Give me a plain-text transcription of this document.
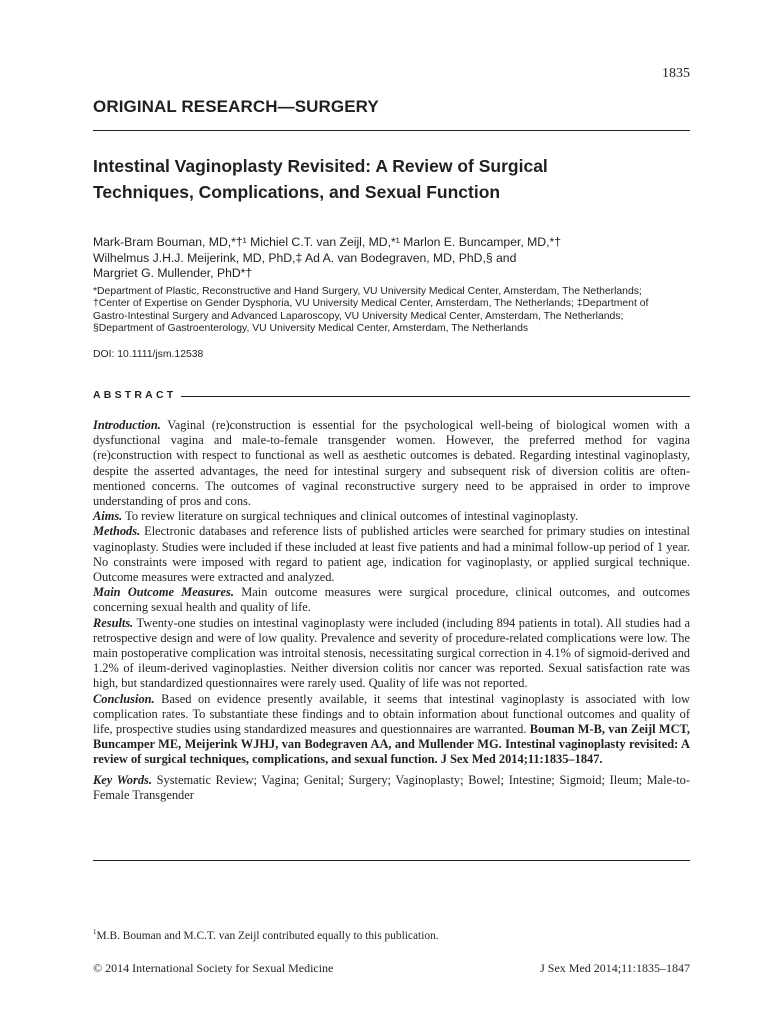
1835
ORIGINAL RESEARCH—SURGERY
Intestinal Vaginoplasty Revisited: A Review of Surgical
Techniques, Complications, and Sexual Function
Mark-Bram Bouman, MD,*†¹ Michiel C.T. van Zeijl, MD,*¹ Marlon E. Buncamper, MD,*†
Wilhelmus J.H.J. Meijerink, MD, PhD,‡ Ad A. van Bodegraven, MD, PhD,§ and
Margriet G. Mullender, PhD*†
*Department of Plastic, Reconstructive and Hand Surgery, VU University Medical Center, Amsterdam, The Netherlands;
†Center of Expertise on Gender Dysphoria, VU University Medical Center, Amsterdam, The Netherlands; ‡Department of
Gastro-Intestinal Surgery and Advanced Laparoscopy, VU University Medical Center, Amsterdam, The Netherlands;
§Department of Gastroenterology, VU University Medical Center, Amsterdam, The Netherlands
DOI: 10.1111/jsm.12538
ABSTRACT

Introduction. Vaginal (re)construction is essential for the psychological well-being of biological women with a dysfunctional vagina and male-to-female transgender women. However, the preferred method for vagina (re)construction with respect to functional as well as aesthetic outcomes is debated. Regarding intestinal vaginoplasty, despite the asserted advantages, the need for intestinal surgery and subsequent risk of diversion colitis are often-mentioned concerns. The outcomes of vaginal reconstructive surgery need to be appraised in order to improve understanding of pros and cons.

Aims. To review literature on surgical techniques and clinical outcomes of intestinal vaginoplasty.

Methods. Electronic databases and reference lists of published articles were searched for primary studies on intestinal vaginoplasty. Studies were included if these included at least five patients and had a minimal follow-up period of 1 year. No constraints were imposed with regard to patient age, indication for vaginoplasty, or applied surgical technique. Outcome measures were extracted and analyzed.

Main Outcome Measures. Main outcome measures were surgical procedure, clinical outcomes, and outcomes concerning sexual health and quality of life.

Results. Twenty-one studies on intestinal vaginoplasty were included (including 894 patients in total). All studies had a retrospective design and were of low quality. Prevalence and severity of procedure-related complications were low. The main postoperative complication was introital stenosis, necessitating surgical correction in 4.1% of sigmoid-derived and 1.2% of ileum-derived vaginoplasties. Neither diversion colitis nor cancer was reported. Sexual satisfaction rate was high, but standardized questionnaires were rarely used. Quality of life was not reported.

Conclusion. Based on evidence presently available, it seems that intestinal vaginoplasty is associated with low complication rates. To substantiate these findings and to obtain information about functional outcomes and quality of life, prospective studies using standardized measures and questionnaires are warranted. Bouman M-B, van Zeijl MCT, Buncamper ME, Meijerink WJHJ, van Bodegraven AA, and Mullender MG. Intestinal vaginoplasty revisited: A review of surgical techniques, complications, and sexual function. J Sex Med 2014;11:1835–1847.

Key Words. Systematic Review; Vagina; Genital; Surgery; Vaginoplasty; Bowel; Intestine; Sigmoid; Ileum; Male-to-Female Transgender

$^1$M.B. Bouman and M.C.T. van Zeijl contributed equally to this publication.
© 2014 International Society for Sexual Medicine	J Sex Med 2014;11:1835–1847
